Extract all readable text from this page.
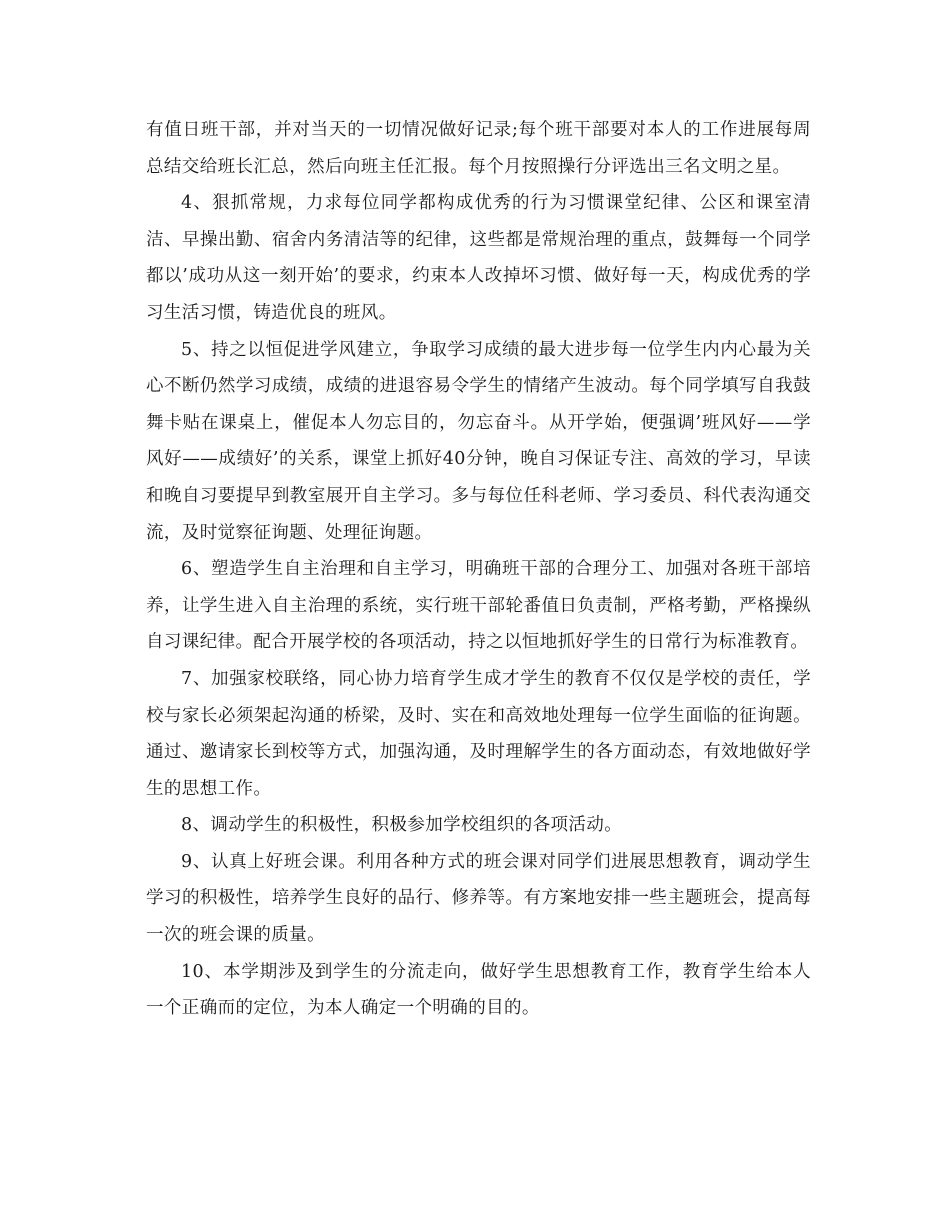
有值日班干部，并对当天的一切情况做好记录;每个班干部要对本人的工作进展每周总结交给班长汇总，然后向班主任汇报。每个月按照操行分评选出三名文明之星。

4、狠抓常规，力求每位同学都构成优秀的行为习惯课堂纪律、公区和课室清洁、早操出勤、宿舍内务清洁等的纪律，这些都是常规治理的重点，鼓舞每一个同学都以’成功从这一刻开始’的要求，约束本人改掉坏习惯、做好每一天，构成优秀的学习生活习惯，铸造优良的班风。

5、持之以恒促进学风建立，争取学习成绩的最大进步每一位学生内内心最为关心不断仍然学习成绩，成绩的进退容易令学生的情绪产生波动。每个同学填写自我鼓舞卡贴在课桌上，催促本人勿忘目的，勿忘奋斗。从开学始，便强调’班风好——学风好——成绩好’的关系，课堂上抓好40分钟，晚自习保证专注、高效的学习，早读和晚自习要提早到教室展开自主学习。多与每位任科老师、学习委员、科代表沟通交流，及时觉察征询题、处理征询题。

6、塑造学生自主治理和自主学习，明确班干部的合理分工、加强对各班干部培养，让学生进入自主治理的系统，实行班干部轮番值日负责制，严格考勤，严格操纵自习课纪律。配合开展学校的各项活动，持之以恒地抓好学生的日常行为标准教育。

7、加强家校联络，同心协力培育学生成才学生的教育不仅仅是学校的责任，学校与家长必须架起沟通的桥梁，及时、实在和高效地处理每一位学生面临的征询题。通过、邀请家长到校等方式，加强沟通，及时理解学生的各方面动态，有效地做好学生的思想工作。

8、调动学生的积极性，积极参加学校组织的各项活动。

9、认真上好班会课。利用各种方式的班会课对同学们进展思想教育，调动学生学习的积极性，培养学生良好的品行、修养等。有方案地安排一些主题班会，提高每一次的班会课的质量。

10、本学期涉及到学生的分流走向，做好学生思想教育工作，教育学生给本人一个正确而的定位，为本人确定一个明确的目的。
